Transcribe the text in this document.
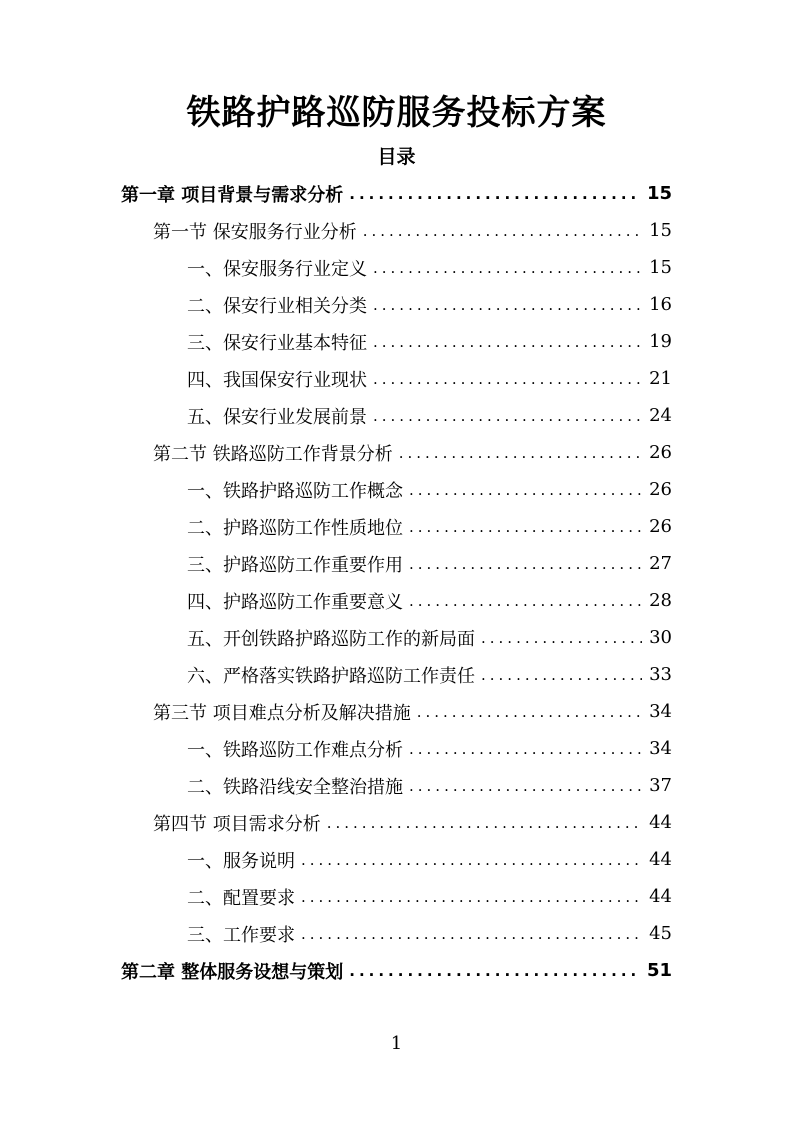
铁路护路巡防服务投标方案
目录
第一章 项目背景与需求分析 .....	15
第一节 保安服务行业分析 .....	15
一、保安服务行业定义 .....	15
二、保安行业相关分类 .....	16
三、保安行业基本特征 .....	19
四、我国保安行业现状 .....	21
五、保安行业发展前景 .....	24
第二节 铁路巡防工作背景分析 .....	26
一、铁路护路巡防工作概念 .....	26
二、护路巡防工作性质地位 .....	26
三、护路巡防工作重要作用 .....	27
四、护路巡防工作重要意义 .....	28
五、开创铁路护路巡防工作的新局面 .....	30
六、严格落实铁路护路巡防工作责任 .....	33
第三节 项目难点分析及解决措施 .....	34
一、铁路巡防工作难点分析 .....	34
二、铁路沿线安全整治措施 .....	37
第四节 项目需求分析 .....	44
一、服务说明 .....	44
二、配置要求 .....	44
三、工作要求 .....	45
第二章 整体服务设想与策划 .....	51
1
